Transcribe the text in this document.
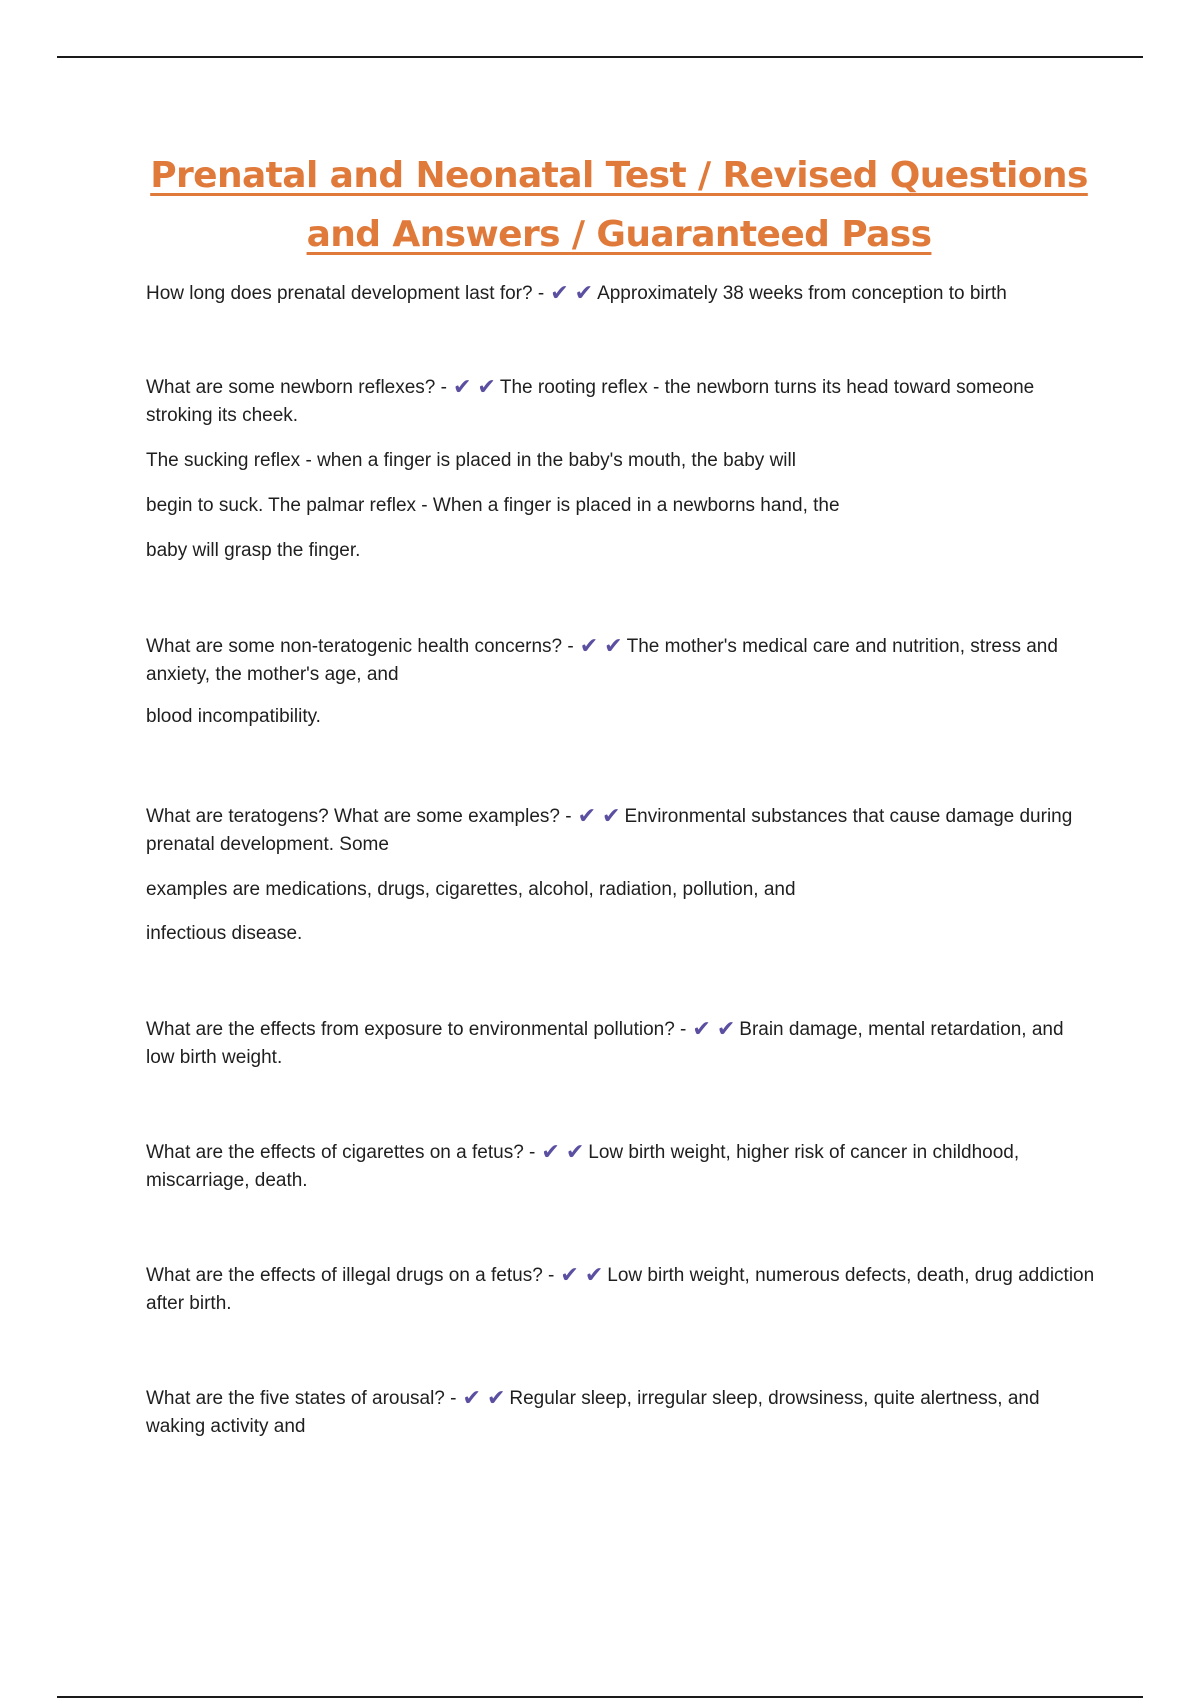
Prenatal and Neonatal Test / Revised Questions and Answers / Guaranteed Pass
How long does prenatal development last for? - ✔ ✔ Approximately 38 weeks from conception to birth
What are some newborn reflexes? - ✔ ✔ The rooting reflex - the newborn turns its head toward someone stroking its cheek.
The sucking reflex - when a finger is placed in the baby's mouth, the baby will
begin to suck. The palmar reflex - When a finger is placed in a newborns hand, the
baby will grasp the finger.
What are some non-teratogenic health concerns? - ✔ ✔ The mother's medical care and nutrition, stress and anxiety, the mother's age, and
blood incompatibility.
What are teratogens? What are some examples? - ✔ ✔ Environmental substances that cause damage during prenatal development. Some
examples are medications, drugs, cigarettes, alcohol, radiation, pollution, and
infectious disease.
What are the effects from exposure to environmental pollution? - ✔ ✔ Brain damage, mental retardation, and low birth weight.
What are the effects of cigarettes on a fetus? - ✔ ✔ Low birth weight, higher risk of cancer in childhood, miscarriage, death.
What are the effects of illegal drugs on a fetus? - ✔ ✔ Low birth weight, numerous defects, death, drug addiction after birth.
What are the five states of arousal? - ✔ ✔ Regular sleep, irregular sleep, drowsiness, quite alertness, and waking activity and
